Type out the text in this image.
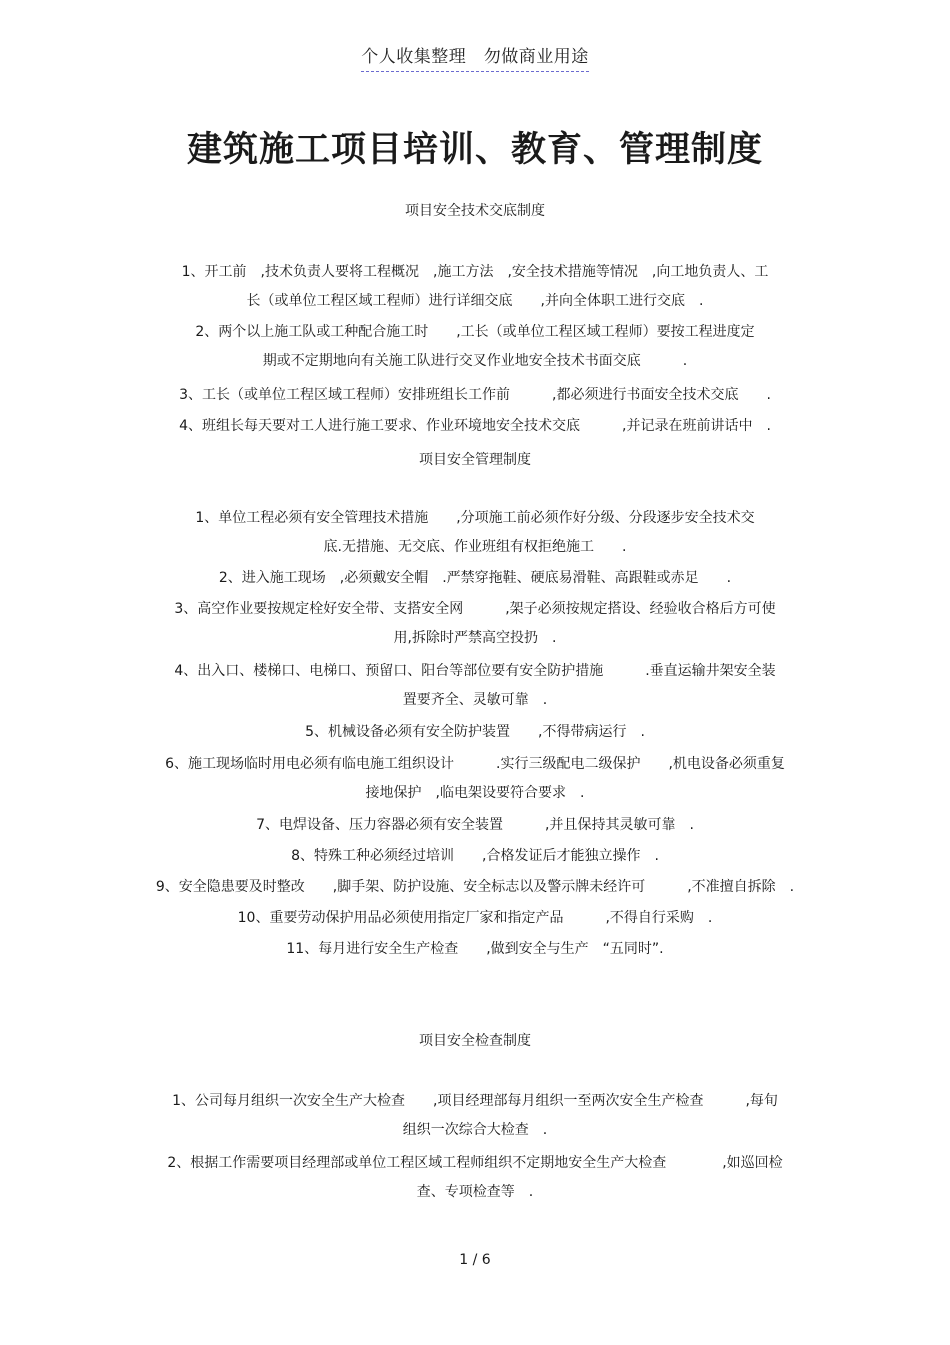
个人收集整理　勿做商业用途
建筑施工项目培训、教育、管理制度
项目安全技术交底制度
1、开工前　,技术负责人要将工程概况　,施工方法　,安全技术措施等情况　,向工地负责人、工
长（或单位工程区域工程师）进行详细交底　　,并向全体职工进行交底　.
2、两个以上施工队或工种配合施工时　　,工长（或单位工程区域工程师）要按工程进度定
期或不定期地向有关施工队进行交叉作业地安全技术书面交底　　　.
3、工长（或单位工程区域工程师）安排班组长工作前　　　,都必须进行书面安全技术交底　　.
4、班组长每天要对工人进行施工要求、作业环境地安全技术交底　　　,并记录在班前讲话中　.
项目安全管理制度
1、单位工程必须有安全管理技术措施　　,分项施工前必须作好分级、分段逐步安全技术交
底.无措施、无交底、作业班组有权拒绝施工　　.
2、进入施工现场　,必须戴安全帽　.严禁穿拖鞋、硬底易滑鞋、高跟鞋或赤足　　.
3、高空作业要按规定栓好安全带、支搭安全网　　　,架子必须按规定搭设、经验收合格后方可使
用,拆除时严禁高空投扔　.
4、出入口、楼梯口、电梯口、预留口、阳台等部位要有安全防护措施　　　.垂直运输井架安全装
置要齐全、灵敏可靠　.
5、机械设备必须有安全防护装置　　,不得带病运行　.
6、施工现场临时用电必须有临电施工组织设计　　　.实行三级配电二级保护　　,机电设备必须重复
接地保护　,临电架设要符合要求　.
7、电焊设备、压力容器必须有安全装置　　　,并且保持其灵敏可靠　.
8、特殊工种必须经过培训　　,合格发证后才能独立操作　.
9、安全隐患要及时整改　　,脚手架、防护设施、安全标志以及警示牌未经许可　　　,不准擅自拆除　.
10、重要劳动保护用品必须使用指定厂家和指定产品　　　,不得自行采购　.
11、每月进行安全生产检查　　,做到安全与生产　“五同时”.
项目安全检查制度
1、公司每月组织一次安全生产大检查　　,项目经理部每月组织一至两次安全生产检查　　　,每旬
组织一次综合大检查　.
2、根据工作需要项目经理部或单位工程区域工程师组织不定期地安全生产大检查　　　　,如巡回检
查、专项检查等　.
1 / 6
